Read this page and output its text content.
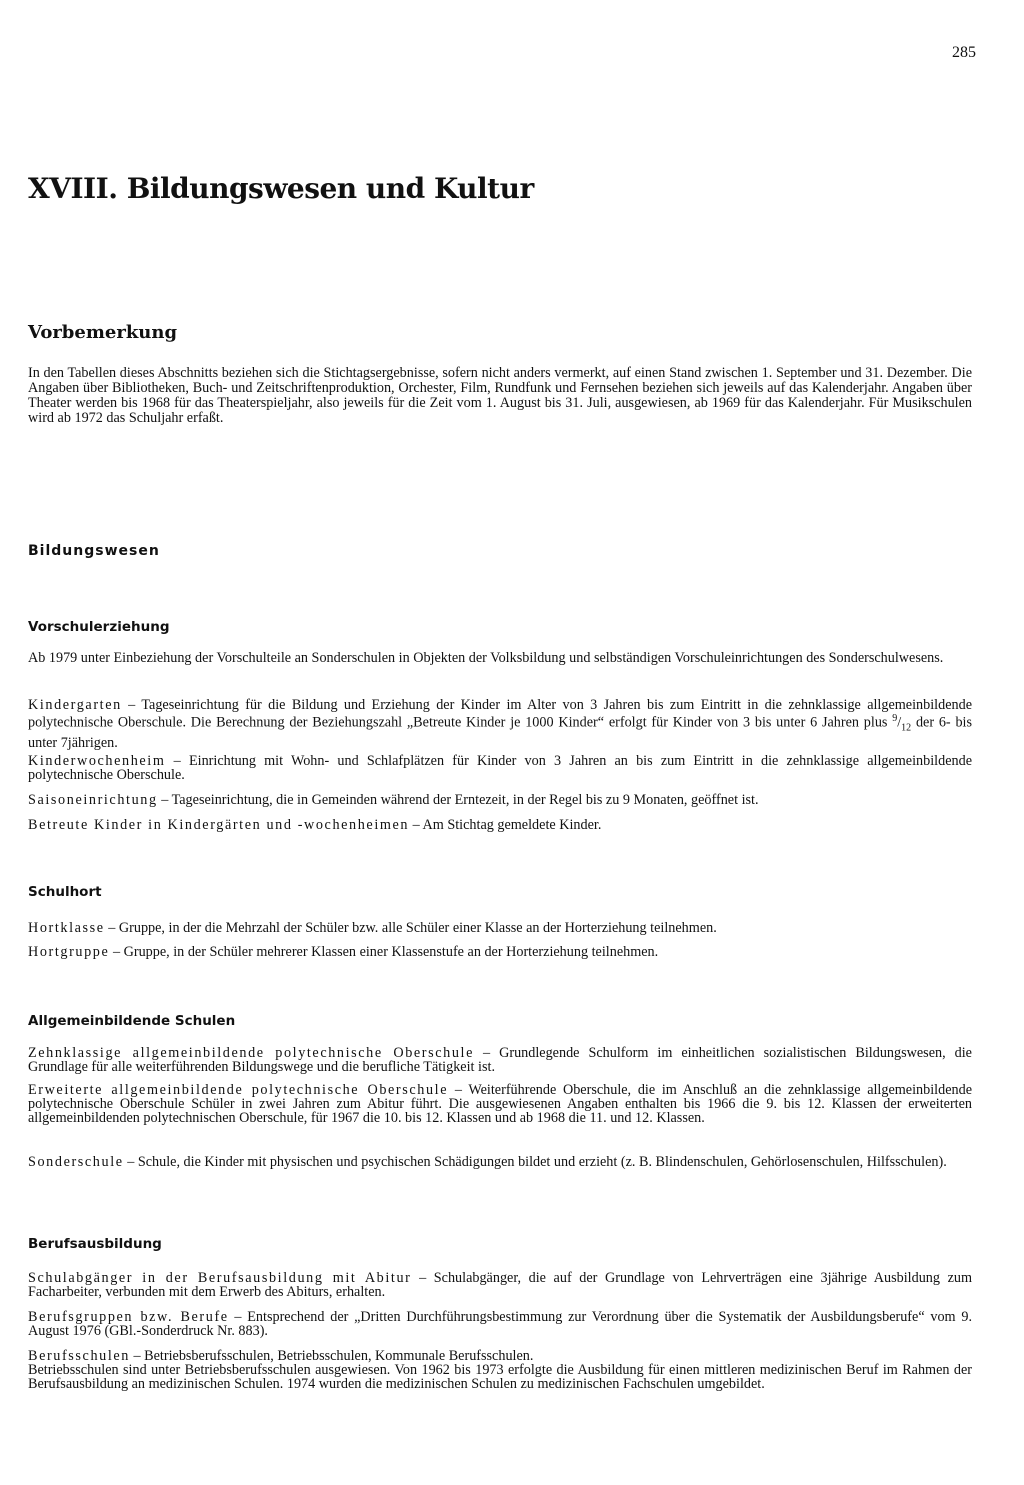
285
XVIII. Bildungswesen und Kultur
Vorbemerkung

In den Tabellen dieses Abschnitts beziehen sich die Stichtagsergebnisse, sofern nicht anders vermerkt, auf einen Stand zwischen 1. September und 31. Dezember. Die Angaben über Bibliotheken, Buch- und Zeitschriftenproduktion, Orchester, Film, Rundfunk und Fernsehen beziehen sich jeweils auf das Kalenderjahr. Angaben über Theater werden bis 1968 für das Theaterspieljahr, also jeweils für die Zeit vom 1. August bis 31. Juli, ausgewiesen, ab 1969 für das Kalenderjahr. Für Musikschulen wird ab 1972 das Schuljahr erfaßt.

Bildungswesen
Vorschulerziehung

Ab 1979 unter Einbeziehung der Vorschulteile an Sonderschulen in Objekten der Volksbildung und selbständigen Vorschuleinrichtungen des Sonderschulwesens.

Kindergarten – Tageseinrichtung für die Bildung und Erziehung der Kinder im Alter von 3 Jahren bis zum Eintritt in die zehnklassige allgemeinbildende polytechnische Oberschule. Die Berechnung der Beziehungszahl „Betreute Kinder je 1000 Kinder“ erfolgt für Kinder von 3 bis unter 6 Jahren plus $^9/_{12}$ der 6- bis unter 7jährigen.

Kinderwochenheim – Einrichtung mit Wohn- und Schlafplätzen für Kinder von 3 Jahren an bis zum Eintritt in die zehnklassige allgemeinbildende polytechnische Oberschule.

Saisoneinrichtung – Tageseinrichtung, die in Gemeinden während der Erntezeit, in der Regel bis zu 9 Monaten, geöffnet ist.

Betreute Kinder in Kindergärten und -wochenheimen – Am Stichtag gemeldete Kinder.

Schulhort

Hortklasse – Gruppe, in der die Mehrzahl der Schüler bzw. alle Schüler einer Klasse an der Horterziehung teilnehmen.

Hortgruppe – Gruppe, in der Schüler mehrerer Klassen einer Klassenstufe an der Horterziehung teilnehmen.

Allgemeinbildende Schulen

Zehnklassige allgemeinbildende polytechnische Oberschule – Grundlegende Schulform im einheitlichen sozialistischen Bildungswesen, die Grundlage für alle weiterführenden Bildungswege und die berufliche Tätigkeit ist.

Erweiterte allgemeinbildende polytechnische Oberschule – Weiterführende Oberschule, die im Anschluß an die zehnklassige allgemeinbildende polytechnische Oberschule Schüler in zwei Jahren zum Abitur führt. Die ausgewiesenen Angaben enthalten bis 1966 die 9. bis 12. Klassen der erweiterten allgemeinbildenden polytechnischen Oberschule, für 1967 die 10. bis 12. Klassen und ab 1968 die 11. und 12. Klassen.

Sonderschule – Schule, die Kinder mit physischen und psychischen Schädigungen bildet und erzieht (z. B. Blindenschulen, Gehörlosenschulen, Hilfsschulen).

Berufsausbildung

Schulabgänger in der Berufsausbildung mit Abitur – Schulabgänger, die auf der Grundlage von Lehrverträgen eine 3jährige Ausbildung zum Facharbeiter, verbunden mit dem Erwerb des Abiturs, erhalten.

Berufsgruppen bzw. Berufe – Entsprechend der „Dritten Durchführungsbestimmung zur Verordnung über die Systematik der Ausbildungsberufe“ vom 9. August 1976 (GBl.-Sonderdruck Nr. 883).

Berufsschulen – Betriebsberufsschulen, Betriebsschulen, Kommunale Berufsschulen.
Betriebsschulen sind unter Betriebsberufsschulen ausgewiesen. Von 1962 bis 1973 erfolgte die Ausbildung für einen mittleren medizinischen Beruf im Rahmen der Berufsausbildung an medizinischen Schulen. 1974 wurden die medizinischen Schulen zu medizinischen Fachschulen umgebildet.
